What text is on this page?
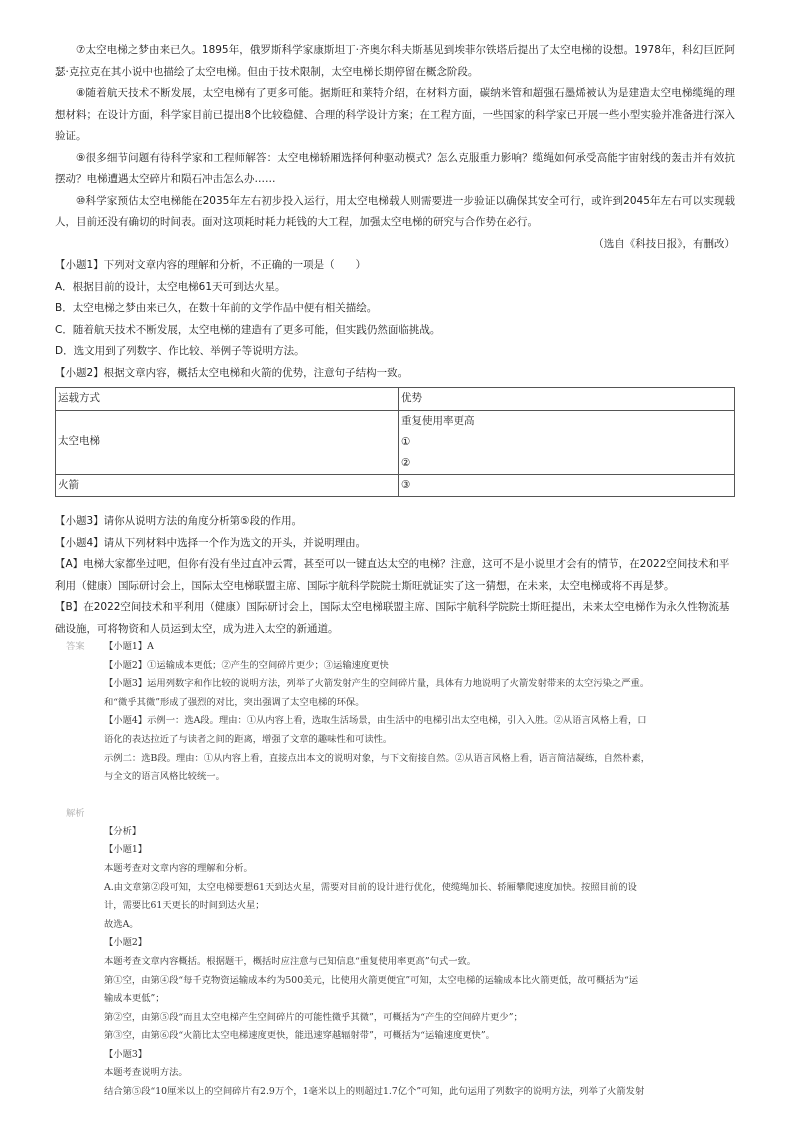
⑦太空电梯之梦由来已久。1895年，俄罗斯科学家康斯坦丁·齐奥尔科夫斯基见到埃菲尔铁塔后提出了太空电梯的设想。1978年，科幻巨匠阿瑟·克拉克在其小说中也描绘了太空电梯。但由于技术限制，太空电梯长期停留在概念阶段。

⑧随着航天技术不断发展，太空电梯有了更多可能。据斯旺和莱特介绍，在材料方面，碳纳米管和超强石墨烯被认为是建造太空电梯缆绳的理想材料；在设计方面，科学家目前已提出8个比较稳健、合理的科学设计方案；在工程方面，一些国家的科学家已开展一些小型实验并准备进行深入验证。

⑨很多细节问题有待科学家和工程师解答：太空电梯轿厢选择何种驱动模式？怎么克服重力影响？缆绳如何承受高能宇宙射线的轰击并有效抗摆动？电梯遭遇太空碎片和陨石冲击怎么办……

⑩科学家预估太空电梯能在2035年左右初步投入运行，用太空电梯载人则需要进一步验证以确保其安全可行，或许到2045年左右可以实现载人，目前还没有确切的时间表。面对这项耗时耗力耗钱的大工程，加强太空电梯的研究与合作势在必行。

（选自《科技日报》，有删改）

【小题1】下列对文章内容的理解和分析，不正确的一项是（　　）

A．根据目前的设计，太空电梯61天可到达火星。

B．太空电梯之梦由来已久，在数十年前的文学作品中便有相关描绘。

C．随着航天技术不断发展，太空电梯的建造有了更多可能，但实践仍然面临挑战。

D．选文用到了列数字、作比较、举例子等说明方法。

【小题2】根据文章内容，概括太空电梯和火箭的优势，注意句子结构一致。

运载方式	优势
太空电梯	重复使用率更高
①
②

火箭	③

【小题3】请你从说明方法的角度分析第⑤段的作用。

【小题4】请从下列材料中选择一个作为选文的开头，并说明理由。

【A】电梯大家都坐过吧，但你有没有坐过直冲云霄，甚至可以一键直达太空的电梯？注意，这可不是小说里才会有的情节，在2022空间技术和平利用（健康）国际研讨会上，国际太空电梯联盟主席、国际宇航科学院院士斯旺就证实了这一猜想，在未来，太空电梯或将不再是梦。

【B】在2022空间技术和平利用（健康）国际研讨会上，国际太空电梯联盟主席、国际宇航科学院院士斯旺提出，未来太空电梯作为永久性物流基础设施，可将物资和人员运到太空，成为进入太空的新通道。

答案 【小题1】A

【小题2】①运输成本更低；②产生的空间碎片更少；③运输速度更快

【小题3】运用列数字和作比较的说明方法，列举了火箭发射产生的空间碎片量，具体有力地说明了火箭发射带来的太空污染之严重。

和“微乎其微”形成了强烈的对比，突出强调了太空电梯的环保。

【小题4】示例一：选A段。理由：①从内容上看，选取生活场景，由生活中的电梯引出太空电梯，引入入胜。②从语言风格上看，口

语化的表达拉近了与读者之间的距离，增强了文章的趣味性和可读性。

示例二：选B段。理由：①从内容上看，直接点出本文的说明对象，与下文衔接自然。②从语言风格上看，语言简洁凝练，自然朴素，

与全文的语言风格比较统一。

解析

【分析】

【小题1】

本题考查对文章内容的理解和分析。

A.由文章第②段可知，太空电梯要想61天到达火星，需要对目前的设计进行优化，使缆绳加长、轿厢攀爬速度加快。按照目前的设

计，需要比61天更长的时间到达火星；

故选A。

【小题2】

本题考查文章内容概括。根据题干，概括时应注意与已知信息“重复使用率更高”句式一致。

第①空，由第④段“每千克物资运输成本约为500美元，比使用火箭更便宜”可知，太空电梯的运输成本比火箭更低，故可概括为“运

输成本更低”；

第②空，由第⑤段“而且太空电梯产生空间碎片的可能性微乎其微”，可概括为“产生的空间碎片更少”；

第③空，由第⑥段“火箭比太空电梯速度更快，能迅速穿越辐射带”，可概括为“运输速度更快”。

【小题3】

本题考查说明方法。

结合第⑤段“10厘米以上的空间碎片有2.9万个，1毫米以上的则超过1.7亿个”可知，此句运用了列数字的说明方法，列举了火箭发射
